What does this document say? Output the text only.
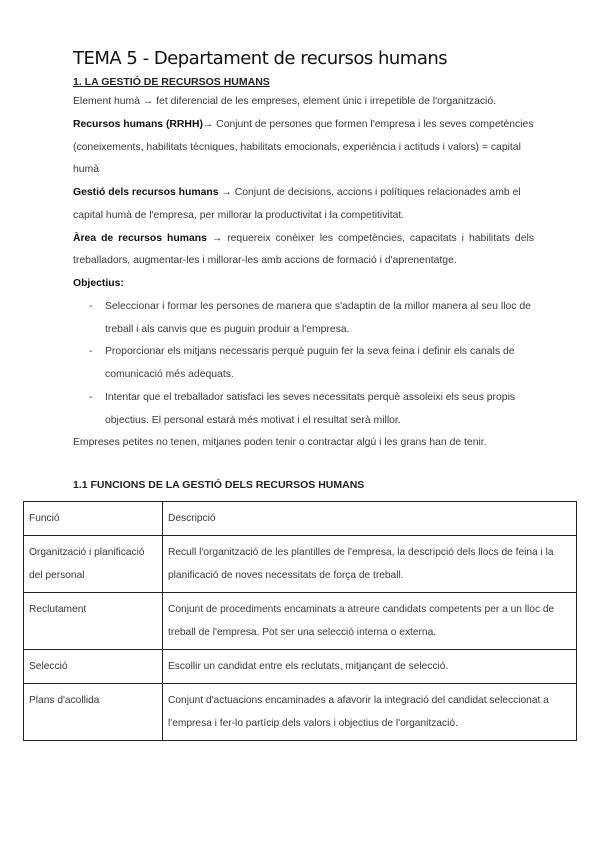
TEMA 5 - Departament de recursos humans
1. LA GESTIÓ DE RECURSOS HUMANS

Element humà → fet diferencial de les empreses, element únic i irrepetible de l'organització.

Recursos humans (RRHH)→ Conjunt de persones que formen l'empresa i les seves competències (coneixements, habilitats tècniques, habilitats emocionals, experiència i actituds i valors) = capital humà

Gestió dels recursos humans → Conjunt de decisions, accions i polítiques relacionades amb el capital humà de l'empresa, per millorar la productivitat i la competitivitat.

Àrea de recursos humans → requereix conèixer les competències, capacitats i habilitats dels treballadors, augmentar-les i millorar-les amb accions de formació i d'aprenentatge.

Objectius:

- Seleccionar i formar les persones de manera que s'adaptin de la millor manera al seu lloc de treball i als canvis que es puguin produir a l'empresa.
- Proporcionar els mitjans necessaris perquè puguin fer la seva feina i definir els canals de comunicació més adequats.
- Intentar que el treballador satisfaci les seves necessitats perquè assoleixi els seus propis objectius. El personal estarà més motivat i el resultat serà millor.

Empreses petites no tenen, mitjanes poden tenir o contractar algú i les grans han de tenir.

1.1 FUNCIONS DE LA GESTIÓ DELS RECURSOS HUMANS
Funció	Descripció
Organització i planificació del personal	Recull l'organització de les plantilles de l'empresa, la descripció dels llocs de feina i la planificació de noves necessitats de força de treball.
Reclutament	Conjunt de procediments encaminats a atreure candidats competents per a un lloc de treball de l'empresa. Pot ser una selecció interna o externa.
Selecció	Escollir un candidat entre els reclutats, mitjançant de selecció.
Plans d'acollida	Conjunt d'actuacions encaminades a afavorir la integració del candidat seleccionat a l'empresa i fer-lo partícip dels valors i objectius de l'organització.
